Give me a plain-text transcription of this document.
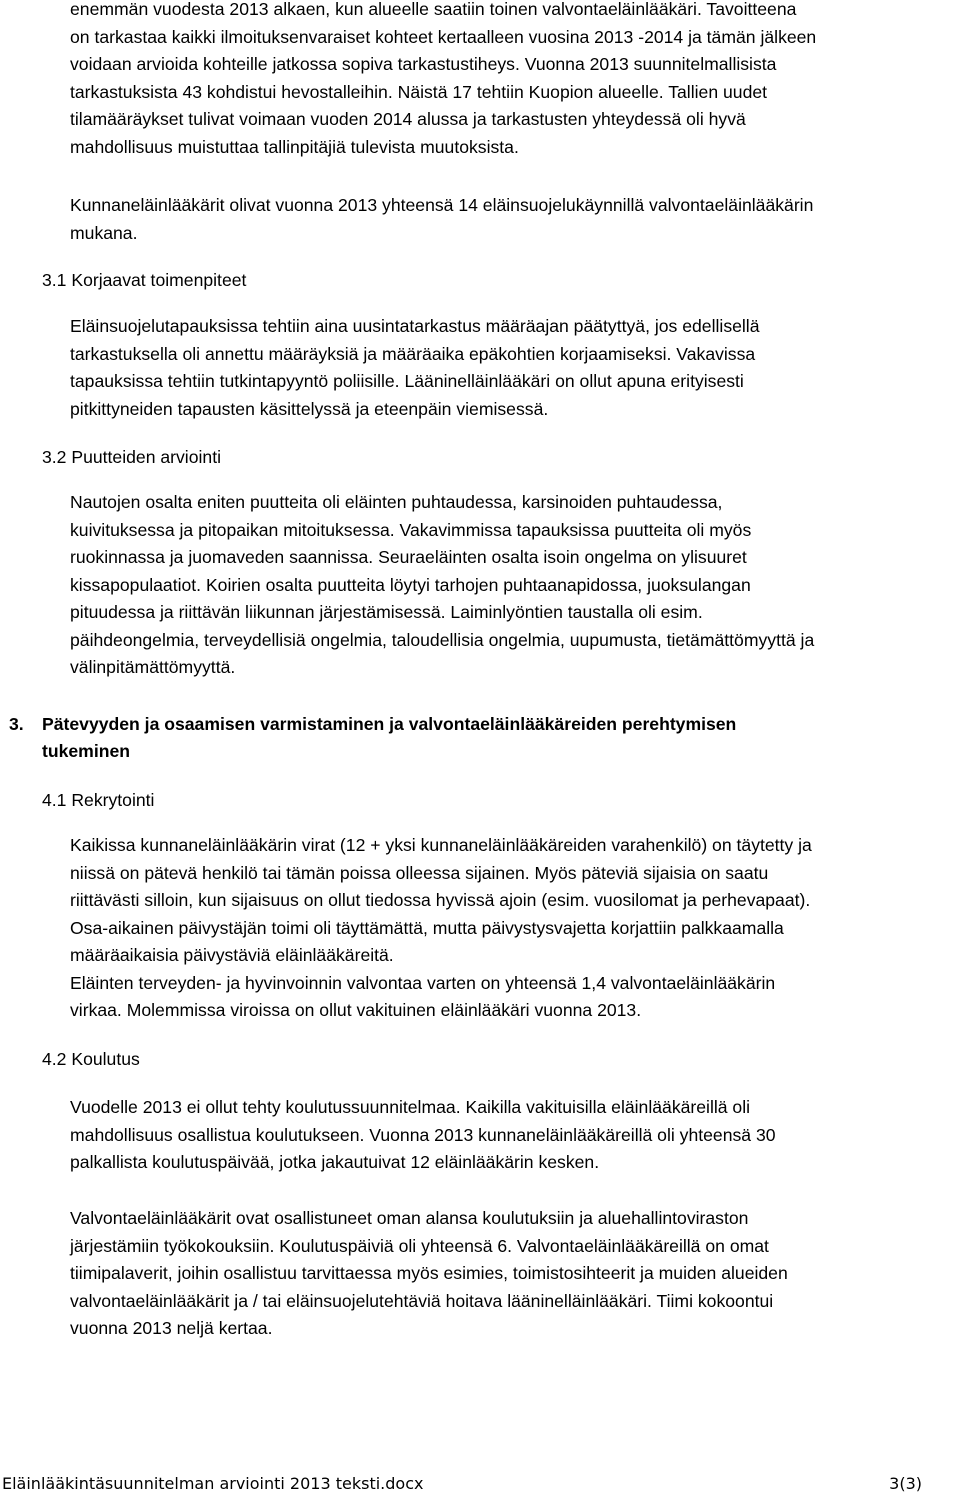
enemmän vuodesta 2013 alkaen, kun alueelle saatiin toinen valvontaeläinlääkäri. Tavoitteena
on tarkastaa kaikki ilmoituksenvaraiset kohteet kertaalleen vuosina 2013 -2014 ja tämän jälkeen
voidaan arvioida kohteille jatkossa sopiva tarkastustiheys. Vuonna 2013 suunnitelmallisista
tarkastuksista 43 kohdistui hevostalleihin. Näistä 17 tehtiin Kuopion alueelle. Tallien uudet
tilamääräykset tulivat voimaan vuoden 2014 alussa ja tarkastusten yhteydessä oli hyvä
mahdollisuus muistuttaa tallinpitäjiä tulevista muutoksista.
Kunnaneläinlääkärit olivat vuonna 2013 yhteensä 14 eläinsuojelukäynnillä valvontaeläinlääkärin
mukana.
3.1 Korjaavat toimenpiteet
Eläinsuojelutapauksissa tehtiin aina uusintatarkastus määräajan päätyttyä, jos edellisellä
tarkastuksella oli annettu määräyksiä ja määräaika epäkohtien korjaamiseksi. Vakavissa
tapauksissa tehtiin tutkintapyyntö poliisille. Lääninelläinlääkäri on ollut apuna erityisesti
pitkittyneiden tapausten käsittelyssä ja eteenpäin viemisessä.
3.2 Puutteiden arviointi
Nautojen osalta eniten puutteita oli eläinten puhtaudessa, karsinoiden puhtaudessa,
kuivituksessa ja pitopaikan mitoituksessa. Vakavimmissa tapauksissa puutteita oli myös
ruokinnassa ja juomaveden saannissa. Seuraeläinten osalta isoin ongelma on ylisuuret
kissapopulaatiot. Koirien osalta puutteita löytyi tarhojen puhtaanapidossa, juoksulangan
pituudessa ja riittävän liikunnan järjestämisessä. Laiminlyöntien taustalla oli esim.
päihdeongelmia, terveydellisiä ongelmia, taloudellisia ongelmia, uupumusta, tietämättömyyttä ja
välinpitämättömyyttä.
3.	Pätevyyden ja osaamisen varmistaminen ja valvontaeläinlääkäreiden perehtymisen
tukeminen
4.1 Rekrytointi
Kaikissa kunnaneläinlääkärin virat (12 + yksi kunnaneläinlääkäreiden varahenkilö) on täytetty ja
niissä on pätevä henkilö tai tämän poissa olleessa sijainen. Myös päteviä sijaisia on saatu
riittävästi silloin, kun sijaisuus on ollut tiedossa hyvissä ajoin (esim. vuosilomat ja perhevapaat).
Osa-aikainen päivystäjän toimi oli täyttämättä, mutta päivystysvajetta korjattiin palkkaamalla
määräaikaisia päivystäviä eläinlääkäreitä.
Eläinten terveyden- ja hyvinvoinnin valvontaa varten on yhteensä 1,4 valvontaeläinlääkärin
virkaa. Molemmissa viroissa on ollut vakituinen eläinlääkäri vuonna 2013.
4.2 Koulutus
Vuodelle 2013 ei ollut tehty koulutussuunnitelmaa. Kaikilla vakituisilla eläinlääkäreillä oli
mahdollisuus osallistua koulutukseen. Vuonna 2013 kunnaneläinlääkäreillä oli yhteensä 30
palkallista koulutuspäivää, jotka jakautuivat 12 eläinlääkärin kesken.
Valvontaeläinlääkärit ovat osallistuneet oman alansa koulutuksiin ja aluehallintoviraston
järjestämiin työkokouksiin. Koulutuspäiviä oli yhteensä 6. Valvontaeläinlääkäreillä on omat
tiimipalaverit, joihin osallistuu tarvittaessa myös esimies, toimistosihteerit ja muiden alueiden
valvontaeläinlääkärit ja / tai eläinsuojelutehtäviä hoitava lääninelläinlääkäri. Tiimi kokoontui
vuonna 2013 neljä kertaa.
Eläinlääkintäsuunnitelman arviointi 2013 teksti.docx	3(3)
